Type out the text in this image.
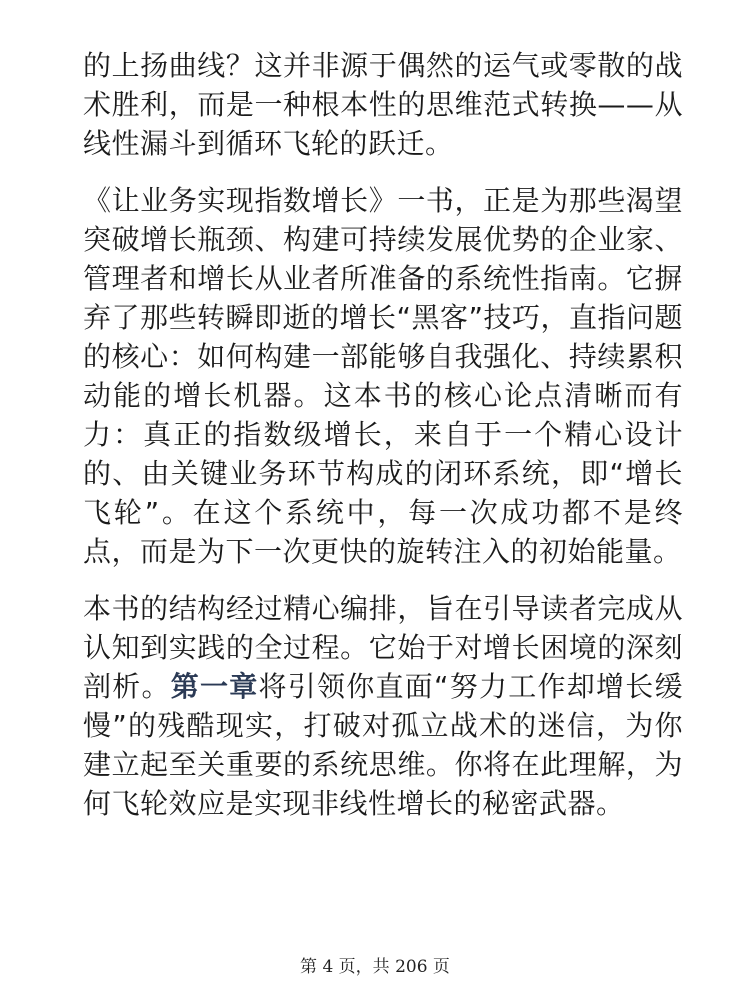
的上扬曲线？这并非源于偶然的运气或零散的战术胜利，而是一种根本性的思维范式转换——从线性漏斗到循环飞轮的跃迁。

《让业务实现指数增长》一书，正是为那些渴望突破增长瓶颈、构建可持续发展优势的企业家、管理者和增长从业者所准备的系统性指南。它摒弃了那些转瞬即逝的增长“黑客”技巧，直指问题的核心：如何构建一部能够自我强化、持续累积动能的增长机器。这本书的核心论点清晰而有力：真正的指数级增长，来自于一个精心设计的、由关键业务环节构成的闭环系统，即“增长飞轮”。在这个系统中，每一次成功都不是终点，而是为下一次更快的旋转注入的初始能量。

本书的结构经过精心编排，旨在引导读者完成从认知到实践的全过程。它始于对增长困境的深刻剖析。第一章将引领你直面“努力工作却增长缓慢”的残酷现实，打破对孤立战术的迷信，为你建立起至关重要的系统思维。你将在此理解，为何飞轮效应是实现非线性增长的秘密武器。

第 4 页，共 206 页
